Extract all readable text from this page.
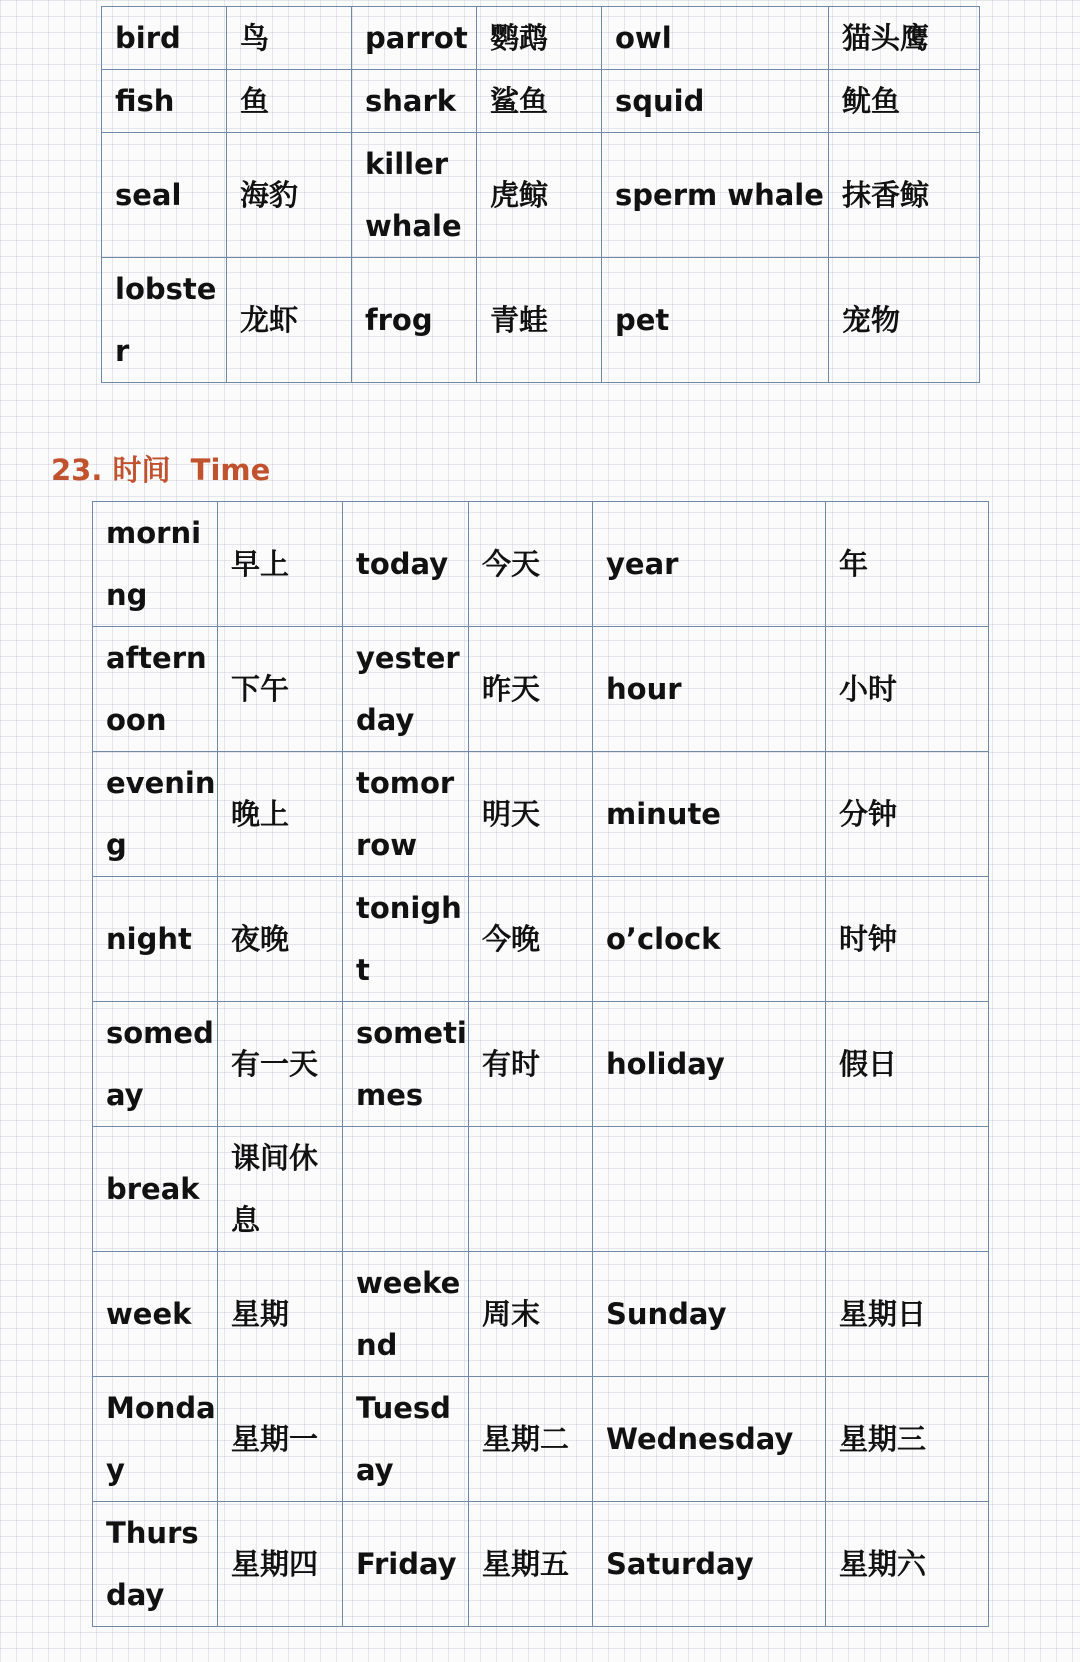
bird	鸟	parrot	鹦鹉	owl	猫头鹰
fish	鱼	shark	鲨鱼	squid	鱿鱼
seal	海豹	killer whale	虎鲸	sperm whale	抹香鲸
lobster	龙虾	frog	青蛙	pet	宠物
23. 时间  Time
morning	早上	today	今天	year	年
afternoon	下午	yesterday	昨天	hour	小时
evening	晚上	tomorrow	明天	minute	分钟
night	夜晚	tonight	今晚	o’clock	时钟
someday	有一天	sometimes	有时	holiday	假日
break	课间休息				
week	星期	weekend	周末	Sunday	星期日
Monday	星期一	Tuesday	星期二	Wednesday	星期三
Thursday	星期四	Friday	星期五	Saturday	星期六
